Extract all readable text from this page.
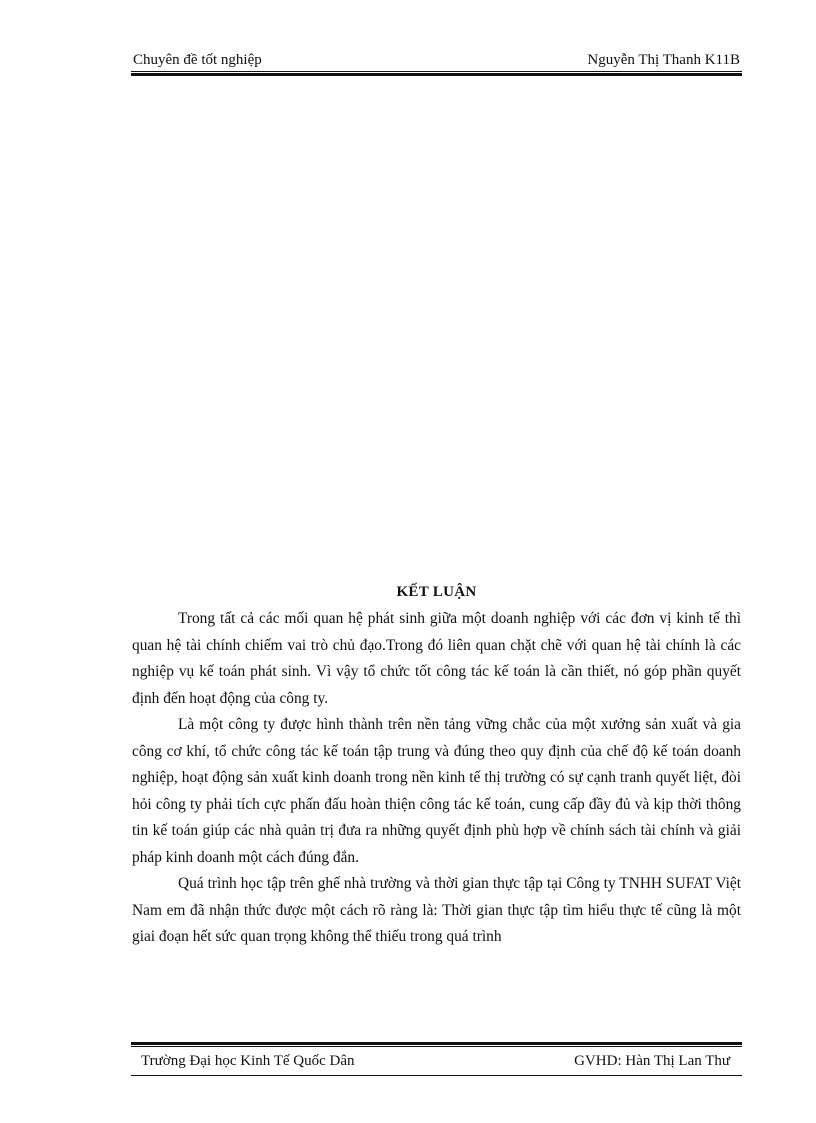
Chuyên đề tốt nghiệp	Nguyễn Thị Thanh K11B
KẾT LUẬN

Trong tất cả các mối quan hệ phát sinh giữa một doanh nghiệp với các đơn vị kinh tế thì quan hệ tài chính chiếm vai trò chủ đạo.Trong đó liên quan chặt chẽ với quan hệ tài chính là các nghiệp vụ kế toán phát sinh. Vì vậy tổ chức tốt công tác kế toán là cần thiết, nó góp phần quyết định đến hoạt động của công ty.

Là một công ty được hình thành trên nền tảng vững chắc của một xưởng sản xuất và gia công cơ khí, tổ chức công tác kế toán tập trung và đúng theo quy định của chế độ kế toán doanh nghiệp, hoạt động sản xuất kinh doanh trong nền kinh tế thị trường có sự cạnh tranh quyết liệt, đòi hỏi công ty phải tích cực phấn đấu hoàn thiện công tác kế toán, cung cấp đầy đủ và kịp thời thông tin kế toán giúp các nhà quản trị đưa ra những quyết định phù hợp về chính sách tài chính và giải pháp kinh doanh một cách đúng đắn.

Quá trình học tập trên ghế nhà trường và thời gian thực tập tại Công ty TNHH SUFAT Việt Nam em đã nhận thức được một cách rõ ràng là: Thời gian thực tập tìm hiểu thực tế cũng là một giai đoạn hết sức quan trọng không thể thiếu trong quá trình

Trường Đại học Kinh Tế Quốc Dân	GVHD: Hàn Thị Lan Thư
